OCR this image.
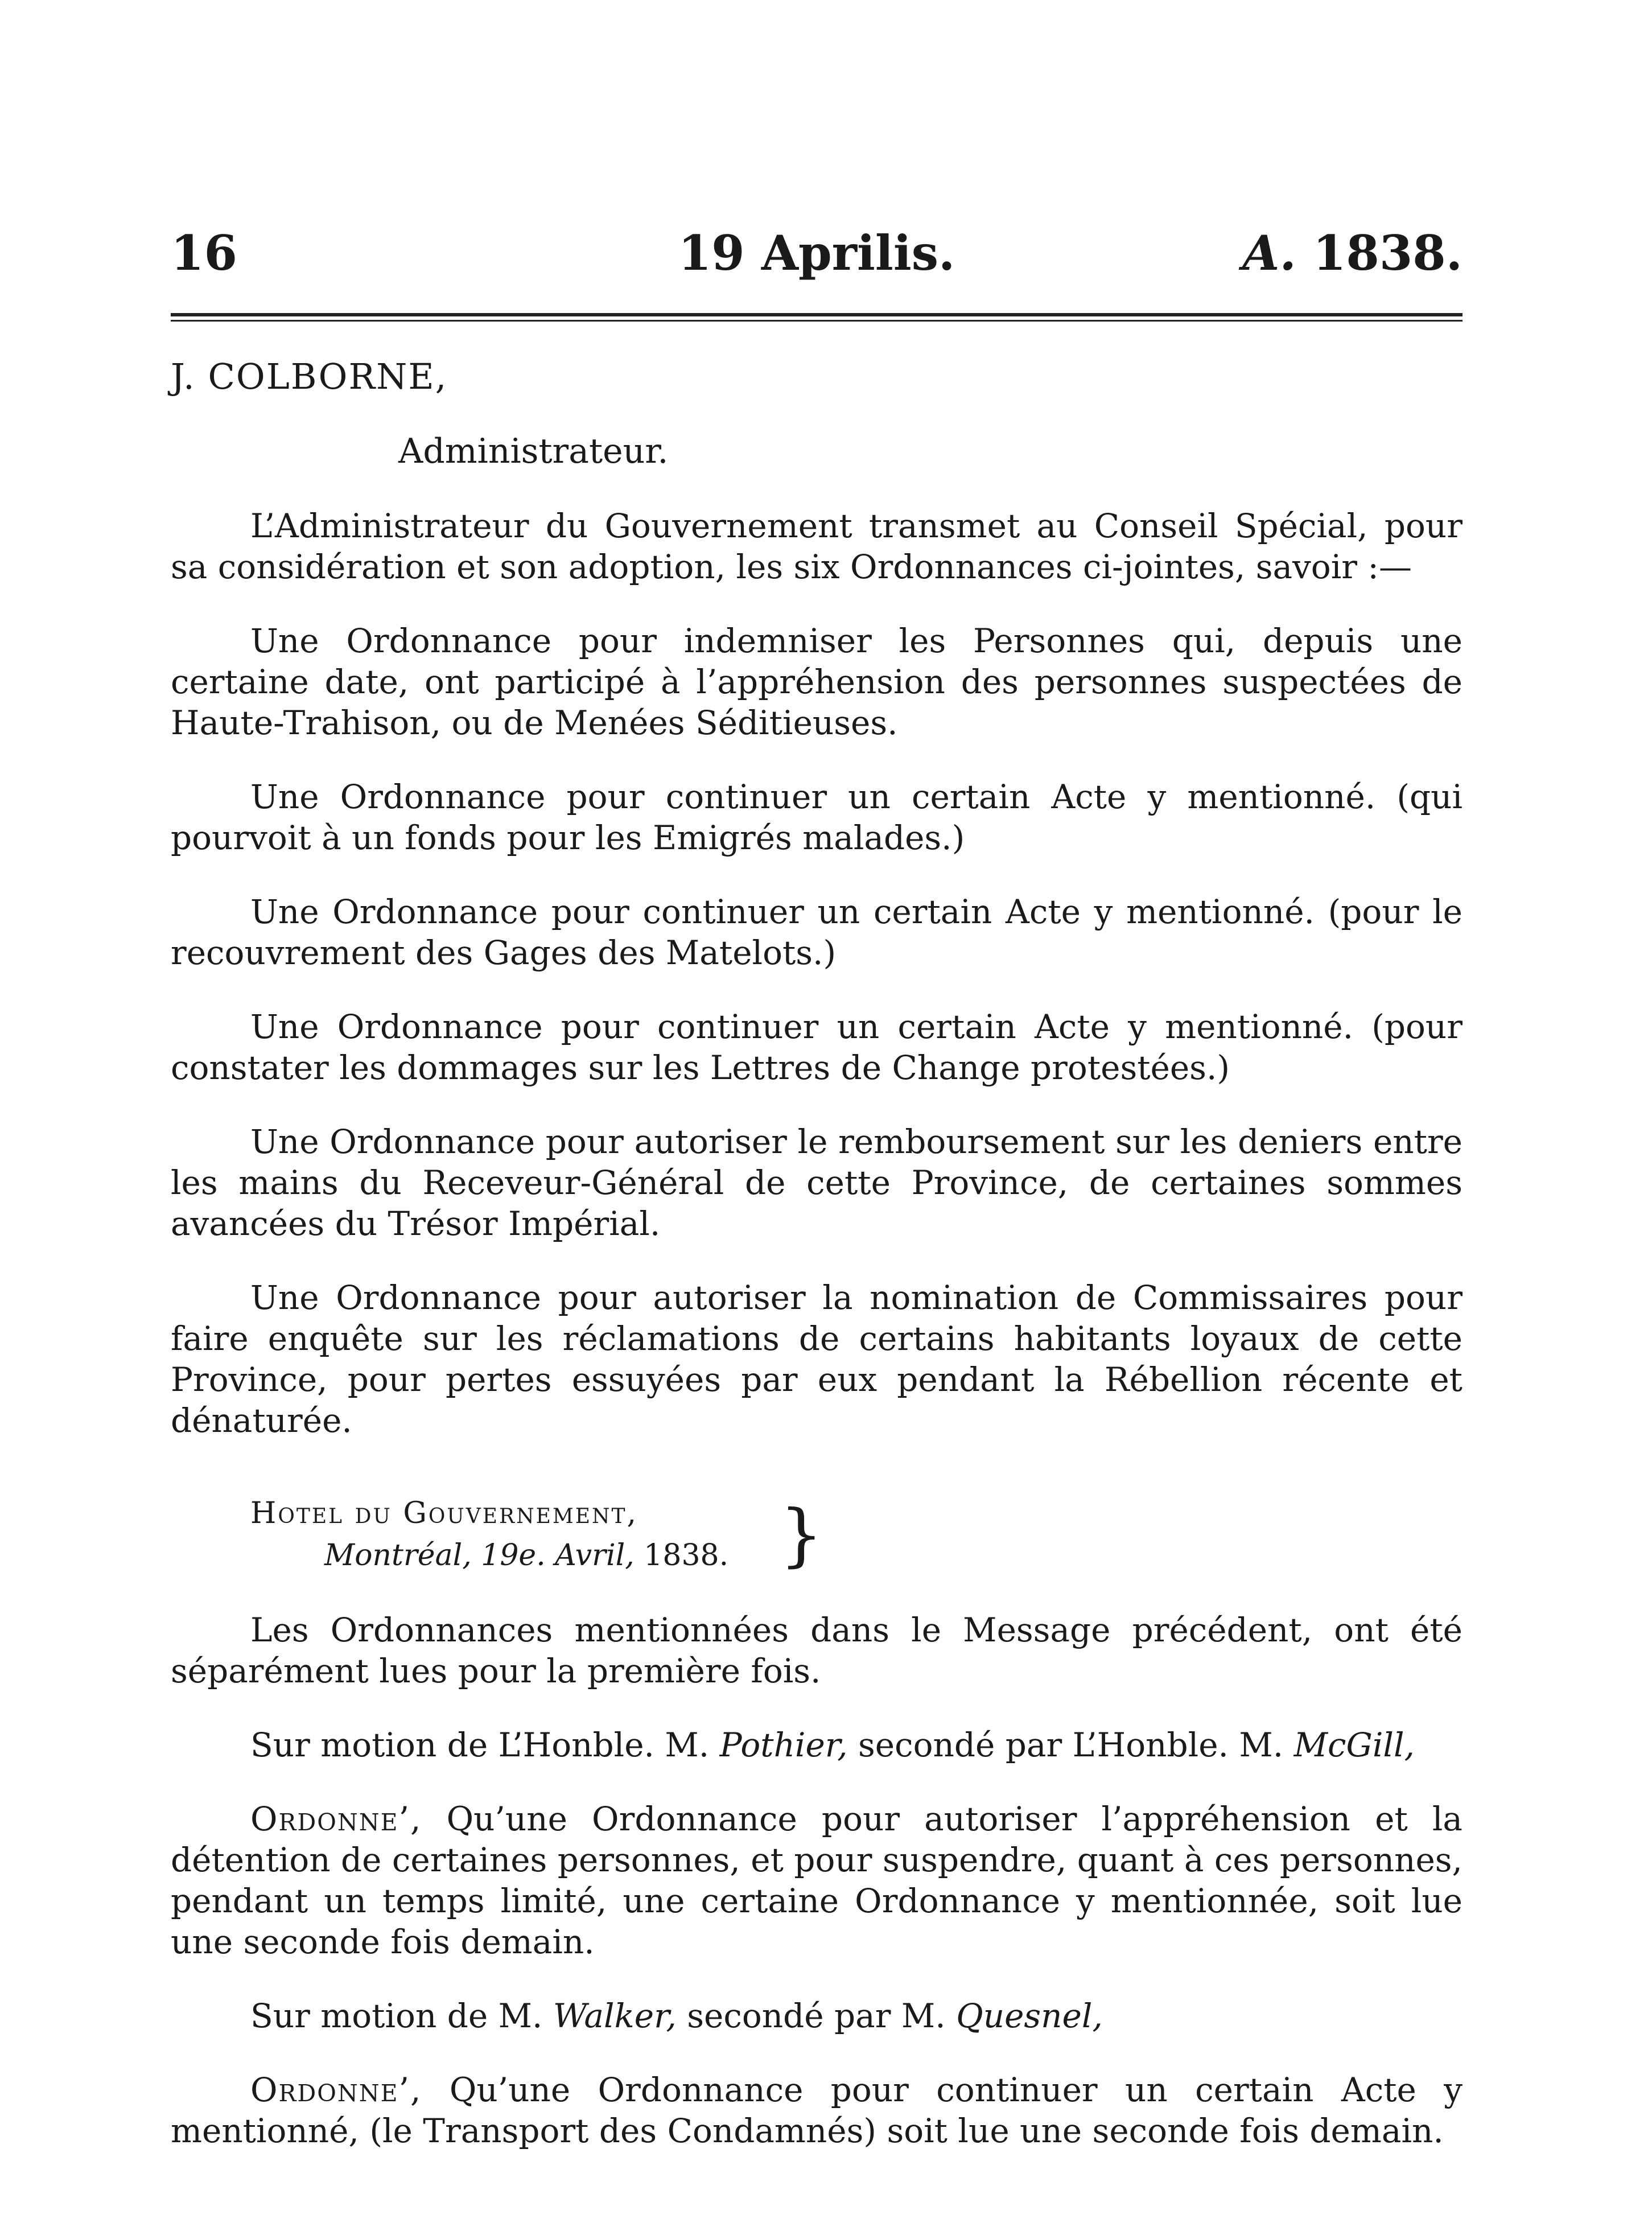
16	19 Aprilis.	A. 1838.
J. COLBORNE,
Administrateur.

L’Administrateur du Gouvernement transmet au Conseil Spécial, pour sa considération et son adoption, les six Ordonnances ci-jointes, savoir :—

Une Ordonnance pour indemniser les Personnes qui, depuis une certaine date, ont participé à l’appréhension des personnes suspectées de Haute-Trahison, ou de Menées Séditieuses.

Une Ordonnance pour continuer un certain Acte y mentionné. (qui pourvoit à un fonds pour les Emigrés malades.)

Une Ordonnance pour continuer un certain Acte y mentionné. (pour le recouvrement des Gages des Matelots.)

Une Ordonnance pour continuer un certain Acte y mentionné. (pour constater les dommages sur les Lettres de Change protestées.)

Une Ordonnance pour autoriser le remboursement sur les deniers entre les mains du Receveur-Général de cette Province, de certaines sommes avancées du Trésor Impérial.

Une Ordonnance pour autoriser la nomination de Commissaires pour faire enquête sur les réclamations de certains habitants loyaux de cette Province, pour pertes essuyées par eux pendant la Rébellion récente et dénaturée.

Hotel du Gouvernement,
Montréal, 19e. Avril, 1838. }

Les Ordonnances mentionnées dans le Message précédent, ont été séparément lues pour la première fois.

Sur motion de L’Honble. M. Pothier, secondé par L’Honble. M. McGill,

Ordonne’, Qu’une Ordonnance pour autoriser l’appréhension et la détention de certaines personnes, et pour suspendre, quant à ces personnes, pendant un temps limité, une certaine Ordonnance y mentionnée, soit lue une seconde fois demain.

Sur motion de M. Walker, secondé par M. Quesnel,

Ordonne’, Qu’une Ordonnance pour continuer un certain Acte y mentionné, (le Transport des Condamnés) soit lue une seconde fois demain.
